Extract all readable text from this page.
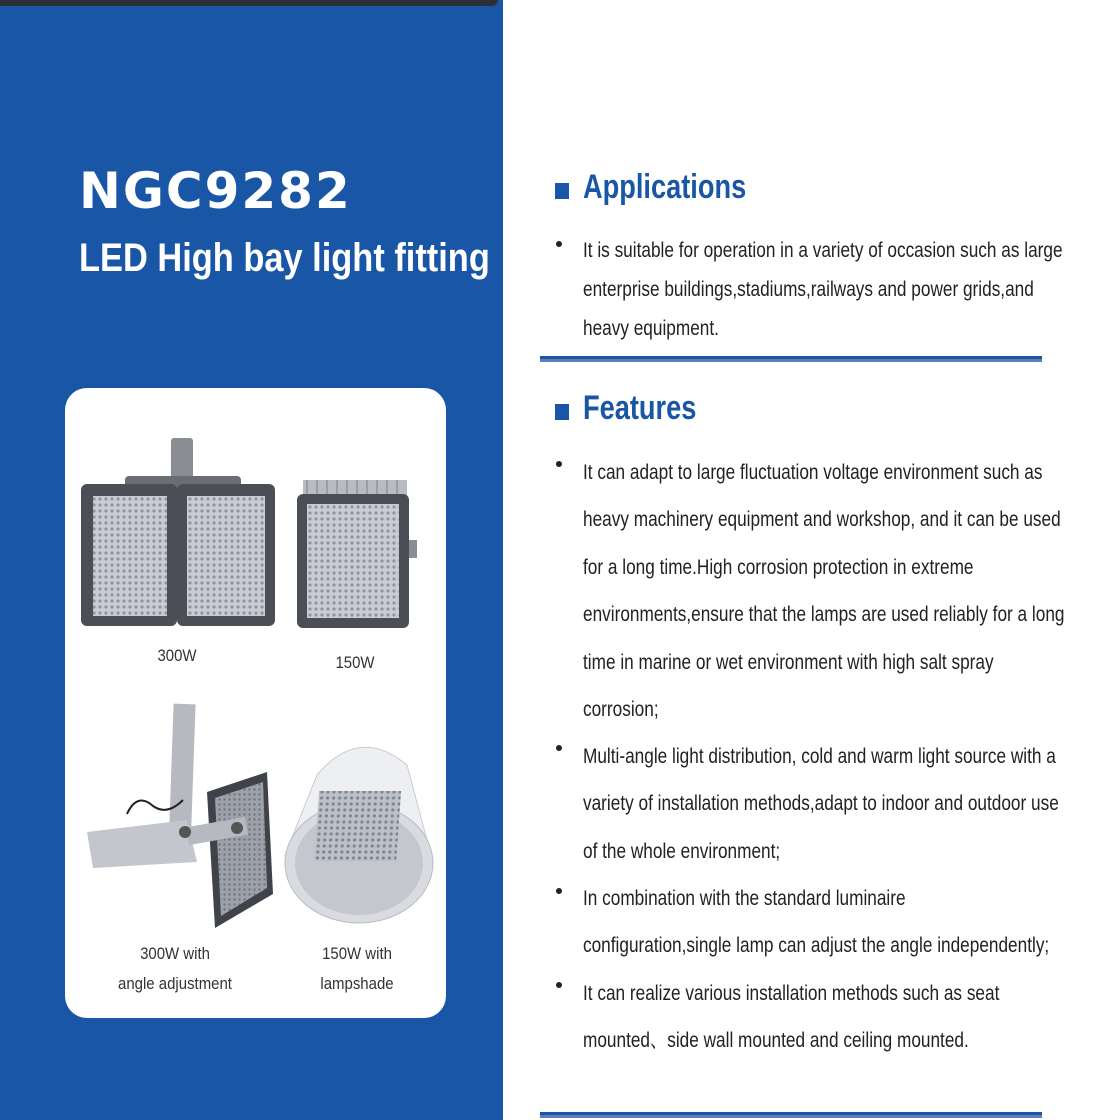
NGC9282
LED High bay light fitting
300W	150W
300W with
angle adjustment
150W with
lampshade
Applications
It is suitable for operation in a variety of occasion such as large
enterprise buildings,stadiums,railways and power grids,and
heavy equipment.
Features
It can adapt to large fluctuation voltage environment such as
heavy machinery equipment and workshop, and it can be used
for a long time.High corrosion protection in extreme
environments,ensure that the lamps are used reliably for a long
time in marine or wet environment with high salt spray
corrosion;
Multi-angle light distribution, cold and warm light source with a
variety of installation methods,adapt to indoor and outdoor use
of the whole environment;
In combination with the standard luminaire
configuration,single lamp can adjust the angle independently;
It can realize various installation methods such as seat
mounted、side wall mounted and ceiling mounted.
